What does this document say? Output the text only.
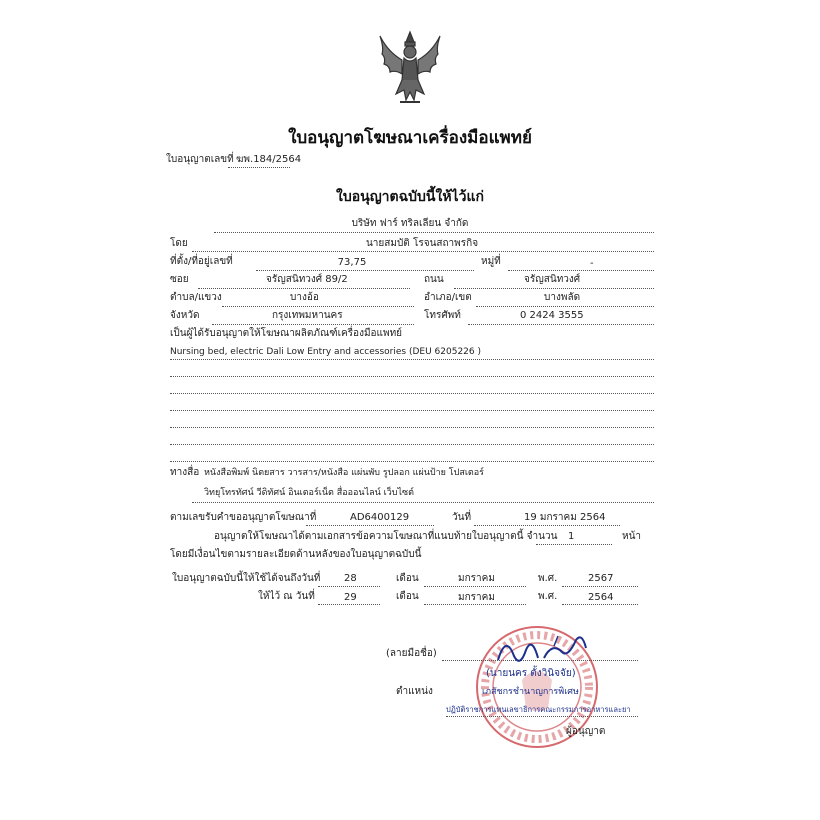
ใบอนุญาตโฆษณาเครื่องมือแพทย์
ใบอนุญาตเลขที่ ฆพ.184/2564
ใบอนุญาตฉบับนี้ให้ไว้แก่
บริษัท ฟาร์ ทริลเลียน จำกัด
โดย	นายสมบัติ โรจนสถาพรกิจ
ที่ตั้ง/ที่อยู่เลขที่	73,75	หมู่ที่	-
ซอย	จรัญสนิทวงศ์ 89/2	ถนน	จรัญสนิทวงศ์
ตำบล/แขวง	บางอ้อ	อำเภอ/เขต	บางพลัด
จังหวัด	กรุงเทพมหานคร	โทรศัพท์	0 2424 3555
เป็นผู้ได้รับอนุญาตให้โฆษณาผลิตภัณฑ์เครื่องมือแพทย์
Nursing bed, electric Dali Low Entry and accessories (DEU 6205226 )
ทางสื่อ หนังสือพิมพ์ นิตยสาร วารสาร/หนังสือ แผ่นพับ รูปลอก แผ่นป้าย โปสเตอร์
วิทยุโทรทัศน์ วีดิทัศน์ อินเตอร์เน็ต สื่อออนไลน์ เว็บไซต์
ตามเลขรับคำขออนุญาตโฆษณาที่	AD6400129	วันที่	19 มกราคม 2564
อนุญาตให้โฆษณาได้ตามเอกสารข้อความโฆษณาที่แนบท้ายใบอนุญาตนี้ จำนวน 1	หน้า
โดยมีเงื่อนไขตามรายละเอียดด้านหลังของใบอนุญาตฉบับนี้
ใบอนุญาตฉบับนี้ให้ใช้ได้จนถึงวันที่ 28	เดือน	มกราคม	พ.ศ.	2567
ให้ไว้ ณ วันที่	29	เดือน	มกราคม	พ.ศ.	2564
(ลายมือชื่อ)
(นายนคร ตั้งวินิจจัย)
ตำแหน่ง	เภสัชกรชำนาญการพิเศษ
ปฏิบัติราชการแทนเลขาธิการคณะกรรมการอาหารและยา
ผู้อนุญาต
